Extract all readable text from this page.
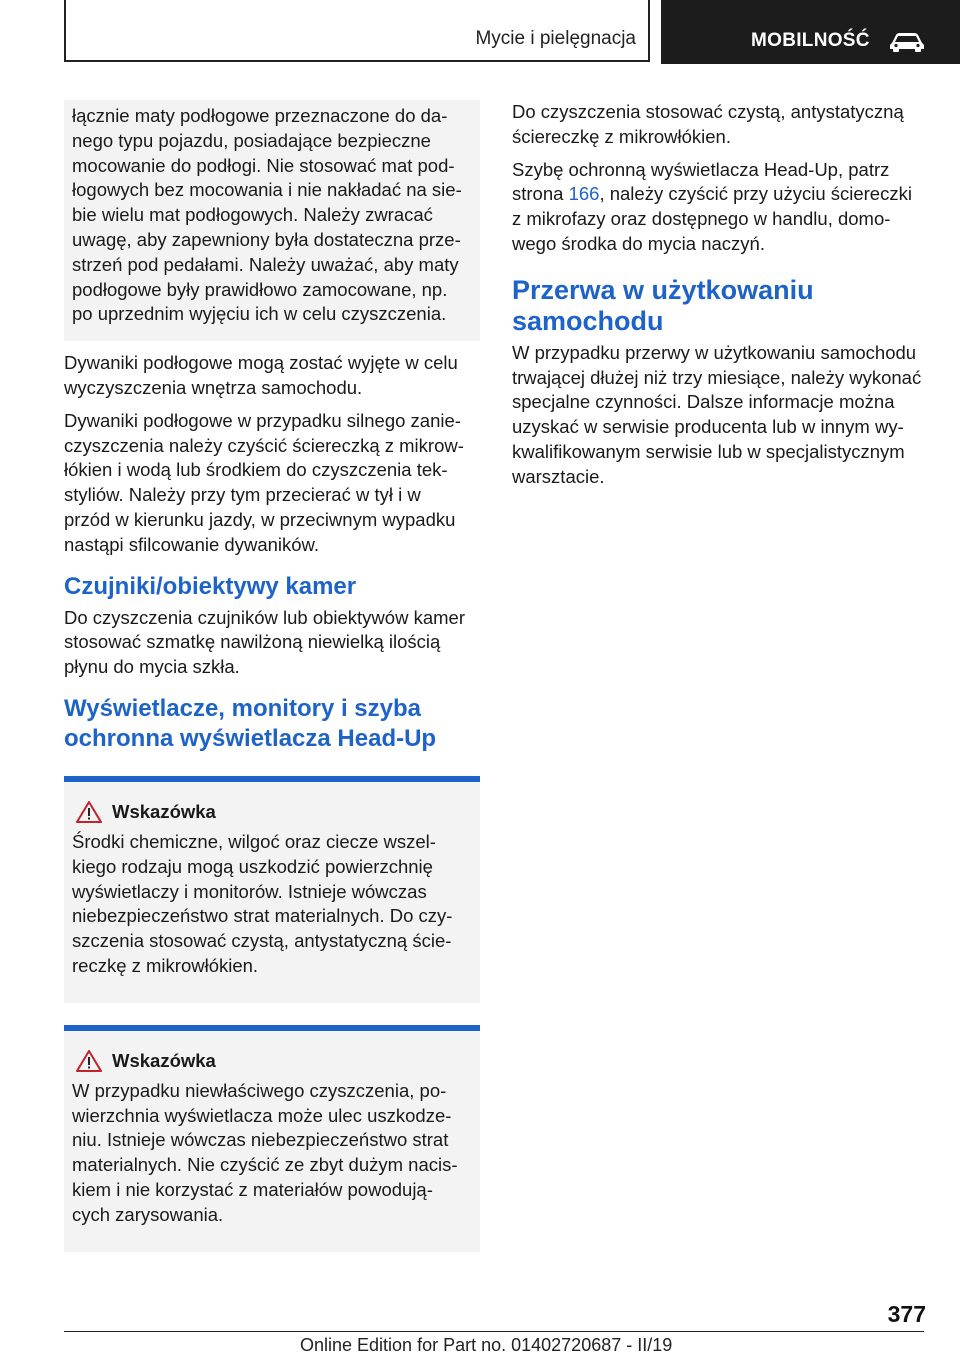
Mycie i pielęgnacja	MOBILNOŚĆ

łącznie maty podłogowe przeznaczone do da-
nego typu pojazdu, posiadające bezpieczne
mocowanie do podłogi. Nie stosować mat pod-
łogowych bez mocowania i nie nakładać na sie-
bie wielu mat podłogowych. Należy zwracać
uwagę, aby zapewniony była dostateczna prze-
strzeń pod pedałami. Należy uważać, aby maty
podłogowe były prawidłowo zamocowane, np.
po uprzednim wyjęciu ich w celu czyszczenia.

Dywaniki podłogowe mogą zostać wyjęte w celu
wyczyszczenia wnętrza samochodu.

Dywaniki podłogowe w przypadku silnego zanie-
czyszczenia należy czyścić ściereczką z mikrow-
łókien i wodą lub środkiem do czyszczenia tek-
styliów. Należy przy tym przecierać w tył i w
przód w kierunku jazdy, w przeciwnym wypadku
nastąpi sfilcowanie dywaników.

Czujniki/obiektywy kamer

Do czyszczenia czujników lub obiektywów kamer
stosować szmatkę nawilżoną niewielką ilością
płynu do mycia szkła.

Wyświetlacze, monitory i szyba
ochronna wyświetlacza Head-Up
Wskazówka

Środki chemiczne, wilgoć oraz ciecze wszel-
kiego rodzaju mogą uszkodzić powierzchnię
wyświetlaczy i monitorów. Istnieje wówczas
niebezpieczeństwo strat materialnych. Do czy-
szczenia stosować czystą, antystatyczną ście-
reczkę z mikrowłókien.

Wskazówka

W przypadku niewłaściwego czyszczenia, po-
wierzchnia wyświetlacza może ulec uszkodze-
niu. Istnieje wówczas niebezpieczeństwo strat
materialnych. Nie czyścić ze zbyt dużym nacis-
kiem i nie korzystać z materiałów powodują-
cych zarysowania.

Do czyszczenia stosować czystą, antystatyczną
ściereczkę z mikrowłókien.

Szybę ochronną wyświetlacza Head-Up, patrz
strona 166, należy czyścić przy użyciu ściereczki
z mikrofazy oraz dostępnego w handlu, domo-
wego środka do mycia naczyń.

Przerwa w użytkowaniu
samochodu

W przypadku przerwy w użytkowaniu samochodu
trwającej dłużej niż trzy miesiące, należy wykonać
specjalne czynności. Dalsze informacje można
uzyskać w serwisie producenta lub w innym wy-
kwalifikowanym serwisie lub w specjalistycznym
warsztacie.

377
Online Edition for Part no. 01402720687 - II/19
